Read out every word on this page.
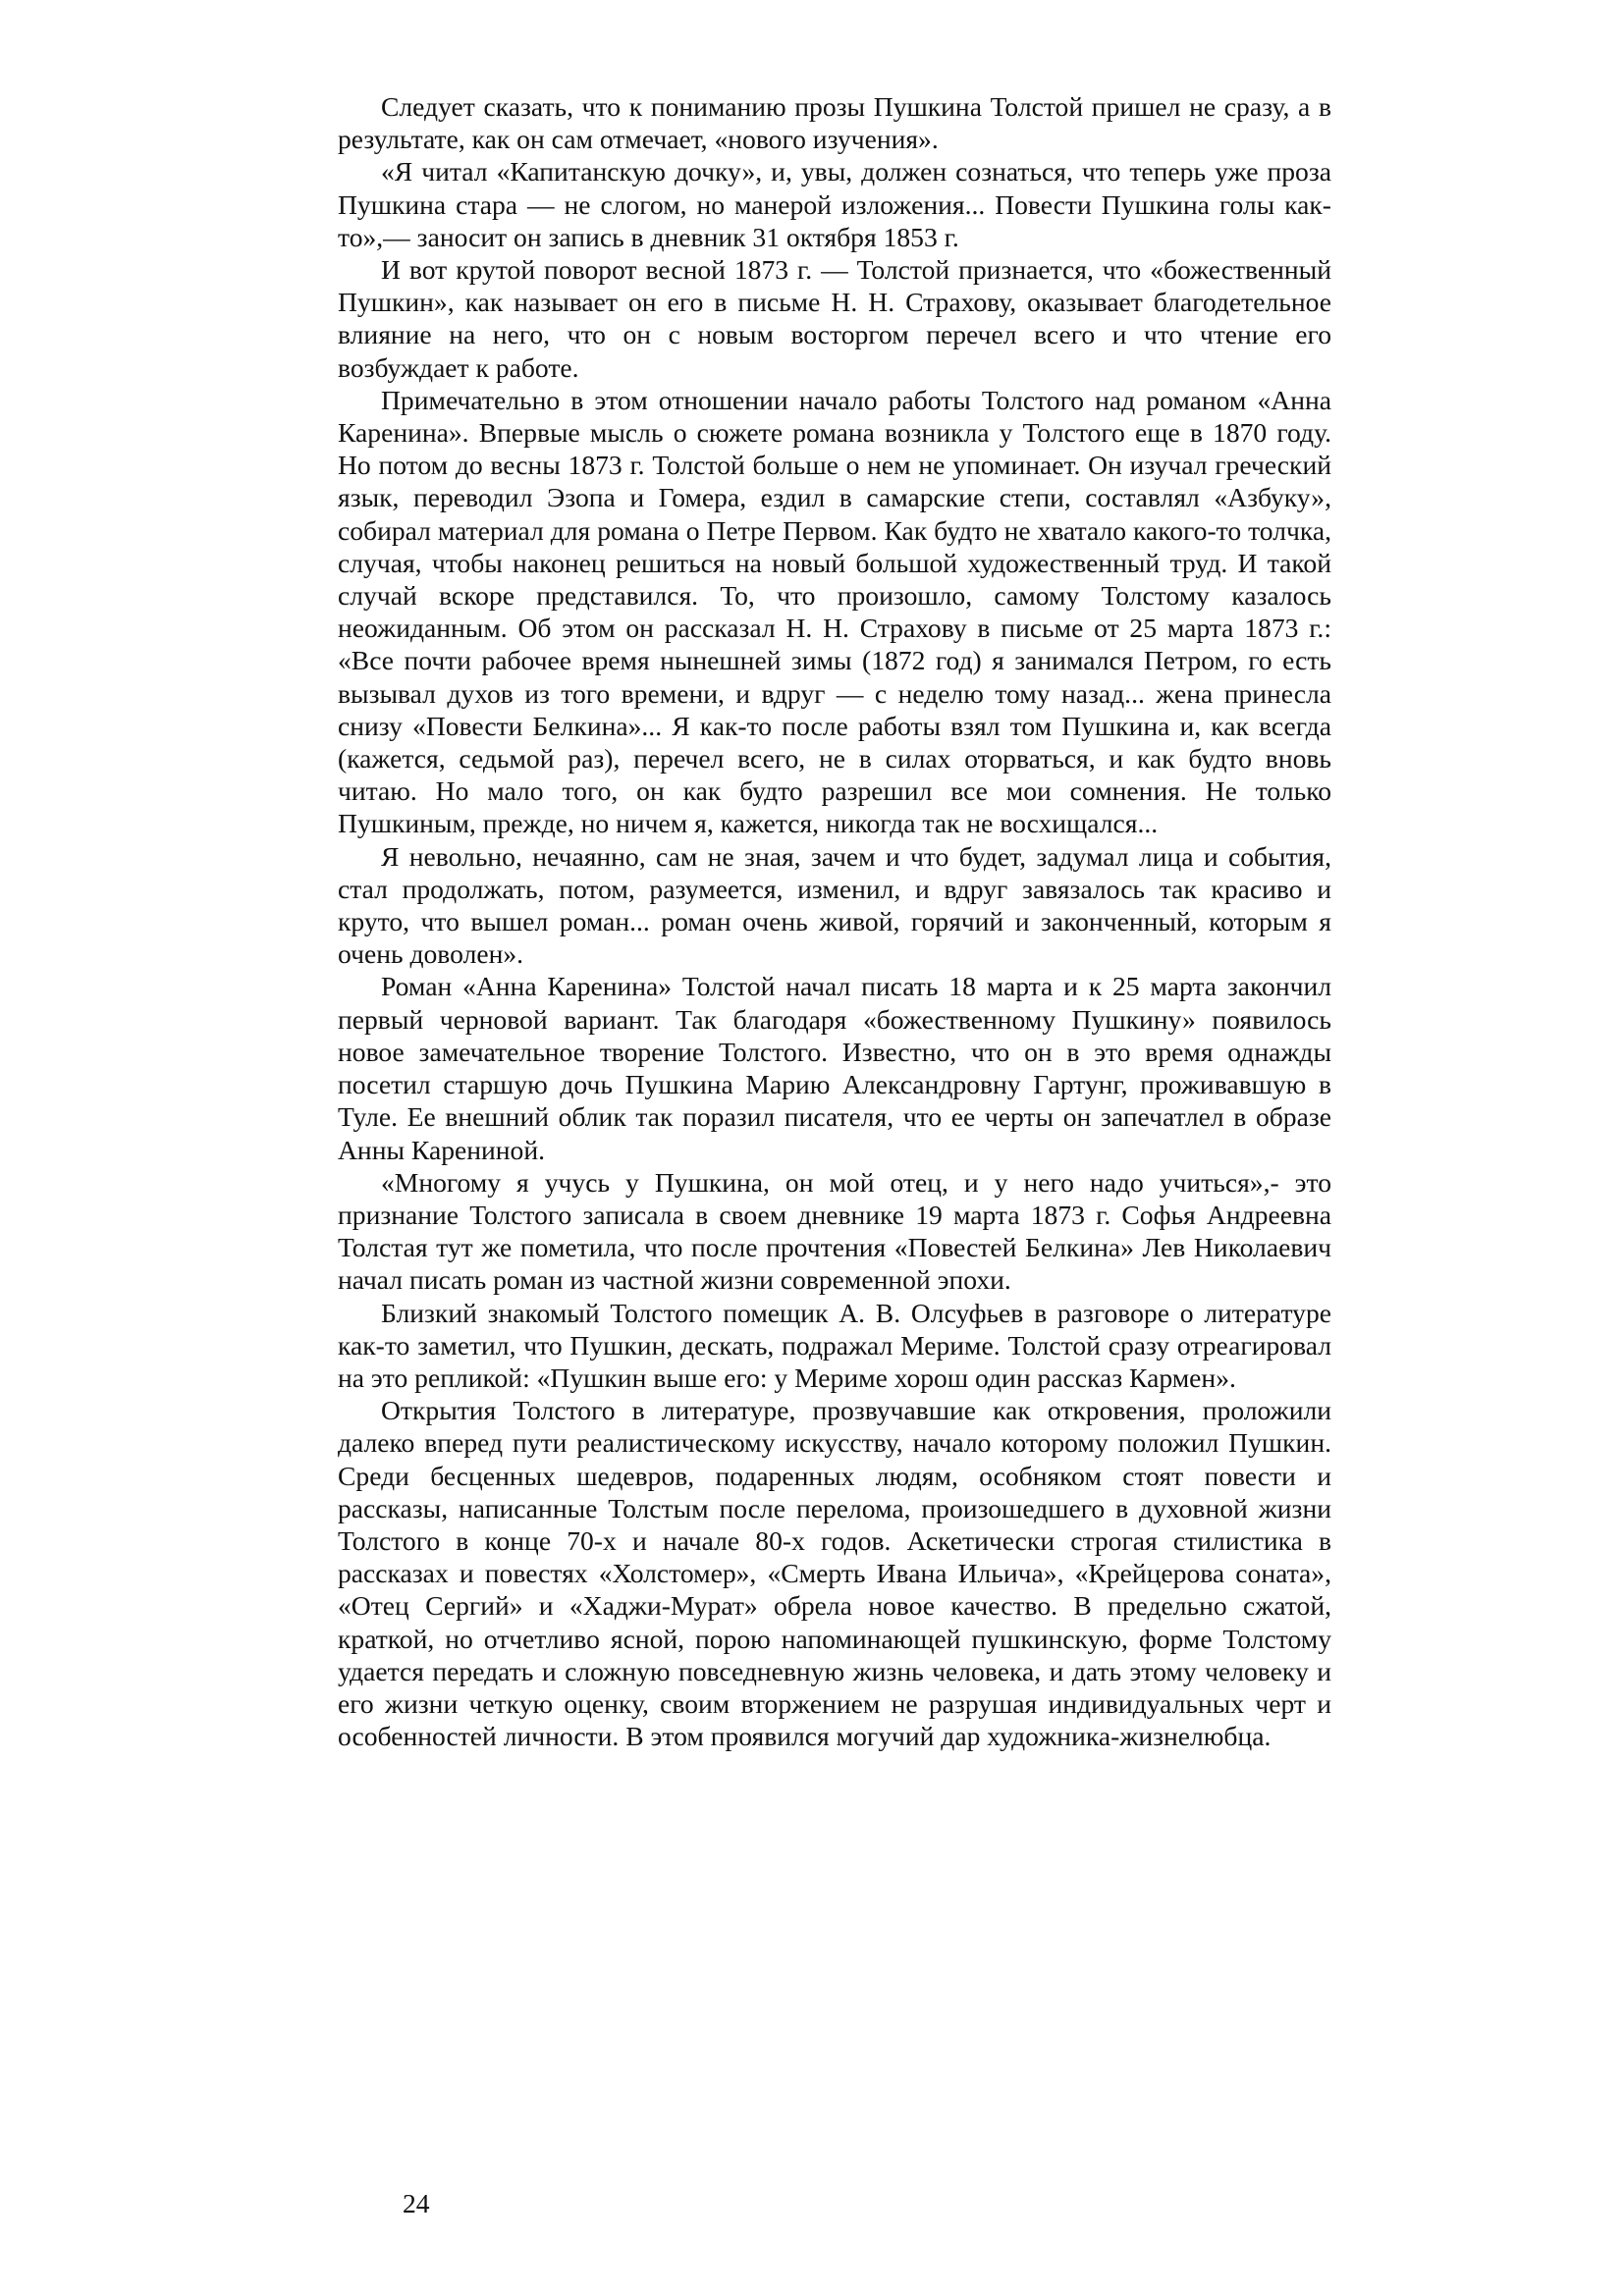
Следует сказать, что к пониманию прозы Пушкина Толстой пришел не сразу, а в результате, как он сам отмечает, «нового изучения».

«Я читал «Капитанскую дочку», и, увы, должен сознаться, что теперь уже проза Пушкина стара — не слогом, но манерой изложения... Повести Пушкина голы как- то»,— заносит он запись в дневник 31 октября 1853 г.

И вот крутой поворот весной 1873 г. — Толстой признается, что «божественный Пушкин», как называет он его в письме Н. Н. Страхову, оказывает благодетельное влияние на него, что он с новым восторгом перечел всего и что чтение его возбуждает к работе.

Примечательно в этом отношении начало работы Толстого над романом «Анна Каренина». Впервые мысль о сюжете романа возникла у Толстого еще в 1870 году. Но потом до весны 1873 г. Толстой больше о нем не упоминает. Он изучал греческий язык, переводил Эзопа и Гомера, ездил в самарские степи, составлял «Азбуку», собирал материал для романа о Петре Первом. Как будто не хватало какого-то толчка, случая, чтобы наконец решиться на новый большой художественный труд. И такой случай вскоре представился. То, что произошло, самому Толстому казалось неожиданным. Об этом он рассказал Н. Н. Страхову в письме от 25 марта 1873 г.: «Все почти рабочее время нынешней зимы (1872 год) я занимался Петром, го есть вызывал духов из того времени, и вдруг — с неделю тому назад... жена принесла снизу «Повести Белкина»... Я как-то после работы взял том Пушкина и, как всегда (кажется, седьмой раз), перечел всего, не в силах оторваться, и как будто вновь читаю. Но мало того, он как будто разрешил все мои сомнения. Не только Пушкиным, прежде, но ничем я, кажется, никогда так не восхищался...

Я невольно, нечаянно, сам не зная, зачем и что будет, задумал лица и события, стал продолжать, потом, разумеется, изменил, и вдруг завязалось так красиво и круто, что вышел роман... роман очень живой, горячий и законченный, которым я очень доволен».

Роман «Анна Каренина» Толстой начал писать 18 марта и к 25 марта закончил первый черновой вариант. Так благодаря «божественному Пушкину» появилось новое замечательное творение Толстого. Известно, что он в это время однажды посетил старшую дочь Пушкина Марию Александровну Гартунг, проживавшую в Туле. Ее внешний облик так поразил писателя, что ее черты он запечатлел в образе Анны Карениной.

«Многому я учусь у Пушкина, он мой отец, и у него надо учиться»,- это признание Толстого записала в своем дневнике 19 марта 1873 г. Софья Андреевна Толстая тут же пометила, что после прочтения «Повестей Белкина» Лев Николаевич начал писать роман из частной жизни современной эпохи.

Близкий знакомый Толстого помещик А. В. Олсуфьев в разговоре о литературе как-то заметил, что Пушкин, дескать, подражал Мериме. Толстой сразу отреагировал на это репликой: «Пушкин выше его: у Мериме хорош один рассказ Кармен».

Открытия Толстого в литературе, прозвучавшие как откровения, проложили далеко вперед пути реалистическому искусству, начало которому положил Пушкин. Среди бесценных шедевров, подаренных людям, особняком стоят повести и рассказы, написанные Толстым после перелома, произошедшего в духовной жизни Толстого в конце 70-х и начале 80-х годов. Аскетически строгая стилистика в рассказах и повестях «Холстомер», «Смерть Ивана Ильича», «Крейцерова соната», «Отец Сергий» и «Хаджи-Мурат» обрела новое качество. В предельно сжатой, краткой, но отчетливо ясной, порою напоминающей пушкинскую, форме Толстому удается передать и сложную повседневную жизнь человека, и дать этому человеку и его жизни четкую оценку, своим вторжением не разрушая индивидуальных черт и особенностей личности. В этом проявился могучий дар художника-жизнелюбца.

24
